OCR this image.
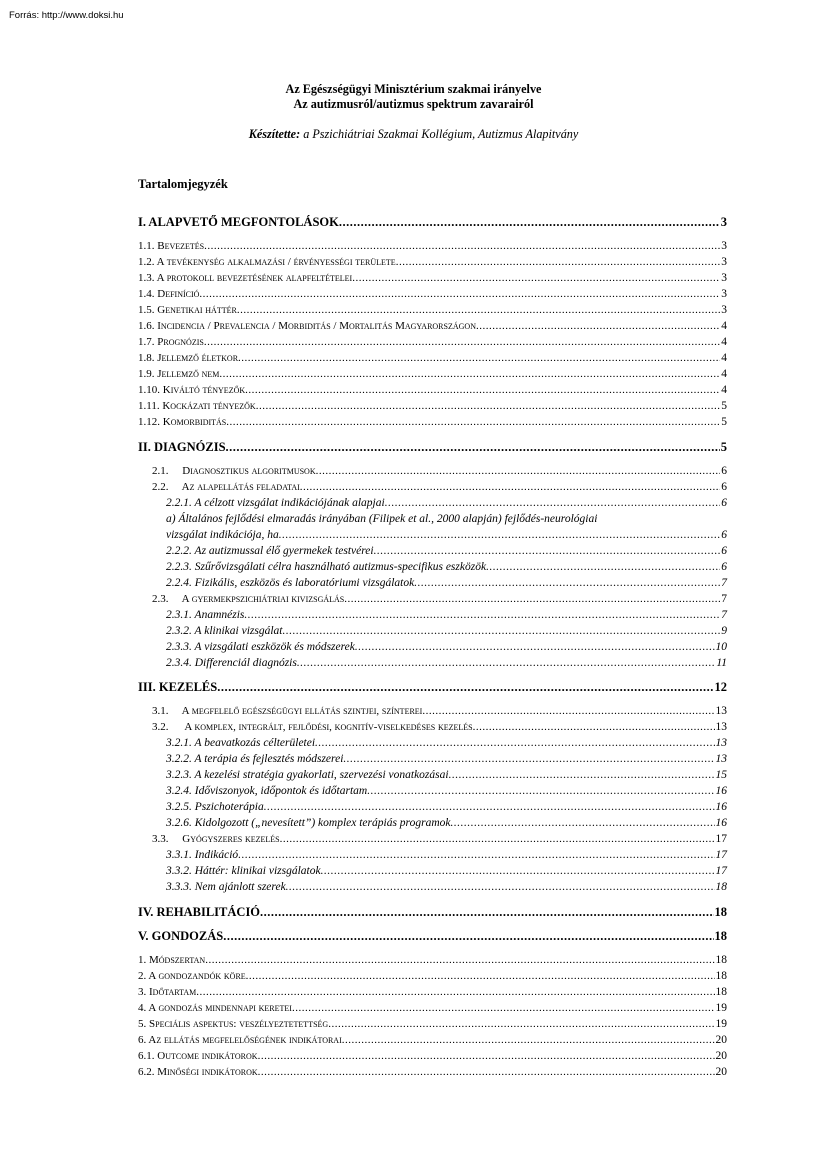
Forrás: http://www.doksi.hu
Az Egészségügyi Minisztérium szakmai irányelve
Az autizmusról/autizmus spektrum zavarairól
Készítette: a Pszichiátriai Szakmai Kollégium, Autizmus Alapitvány
Tartalomjegyzék
I. ALAPVETŐ MEGFONTOLÁSOK .....	3
1.1. Bevezetés .....	3
1.2. A tevékenység alkalmazási / érvényességi területe .....	3
1.3. A protokoll bevezetésének alapfeltételei .....	3
1.4. Definíció .....	3
1.5. Genetikai háttér .....	3
1.6. Incidencia / Prevalencia / Morbiditás / Mortalitás Magyarországon .....	4
1.7. Prognózis .....	4
1.8. Jellemző életkor .....	4
1.9. Jellemző nem .....	4
1.10. Kiváltó tényezők .....	4
1.11. Kockázati tényezők .....	5
1.12. Komorbiditás .....	5
II. DIAGNÓZIS .....	5
2.1.     Diagnosztikus algoritmusok .....	6
2.2.     Az alapellátás feladatai .....	6
2.2.1. A célzott vizsgálat indikációjának alapjai .....	6
a) Általános fejlődési elmaradás irányában (Filipek et al., 2000 alapján) fejlődés-neurológiai
vizsgálat indikációja, ha .....	6
2.2.2. Az autizmussal élő gyermekek testvérei .....	6
2.2.3. Szűrővizsgálati célra használható autizmus-specifikus eszközök .....	6
2.2.4. Fizikális, eszközös és laboratóriumi vizsgálatok .....	7
2.3.     A gyermekpszichiátriai kivizsgálás .....	7
2.3.1. Anamnézis .....	7
2.3.2. A klinikai vizsgálat .....	9
2.3.3. A vizsgálati eszközök és módszerek .....	10
2.3.4. Differenciál diagnózis .....	11
III. KEZELÉS .....	12
3.1.     A megfelelő egészségügyi ellátás szintjei, színterei .....	13
3.2.      A komplex, integrált, fejlődési, kognitív-viselkedéses kezelés .....	13
3.2.1. A beavatkozás célterületei .....	13
3.2.2. A terápia és fejlesztés módszerei .....	13
3.2.3. A kezelési stratégia gyakorlati, szervezési vonatkozásai .....	15
3.2.4. Időviszonyok, időpontok és időtartam .....	16
3.2.5. Pszichoterápia .....	16
3.2.6. Kidolgozott („nevesített”) komplex terápiás programok .....	16
3.3.     Gyógyszeres kezelés .....	17
3.3.1. Indikáció .....	17
3.3.2. Háttér: klinikai vizsgálatok .....	17
3.3.3. Nem ajánlott szerek .....	18
IV. REHABILITÁCIÓ .....	18
V. GONDOZÁS .....	18
1. Módszertan .....	18
2. A gondozandók köre .....	18
3. Időtartam .....	18
4. A gondozás mindennapi keretei .....	19
5. Speciális aspektus: veszélyeztetettség .....	19
6. Az ellátás megfelelőségének indikátorai .....	20
6.1. Outcome indikátorok .....	20
6.2. Minőségi indikátorok .....	20
